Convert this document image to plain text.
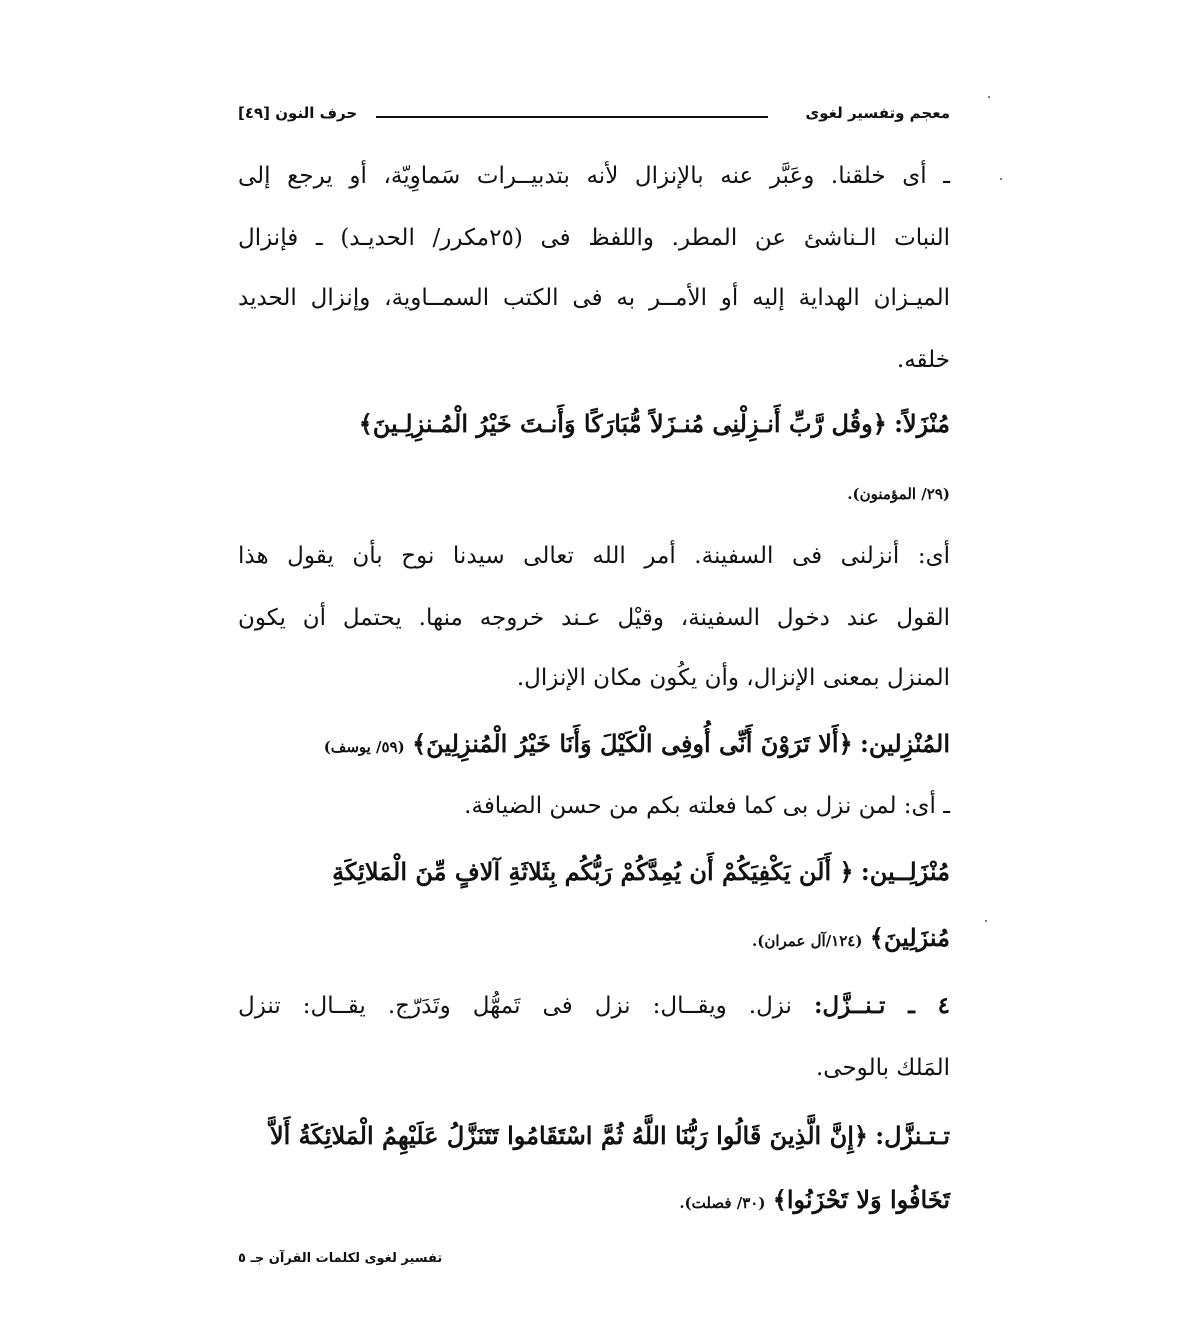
معجم وتفسير لغوى
حرف النون [٤٩]
ـ أى خلقنا. وعَبَّر عنه بالإنزال لأنه بتدبيــرات سَماوِيّة، أو يرجع إلى
النبات الـناشئ عن المطر. واللفظ فى (٢٥مكرر/ الحديـد) ـ فإنزال
الميـزان الهداية إليه أو الأمــر به فى الكتب السمــاوية، وإنزال الحديد
خلقه.
مُنْزَلاً: ﴿وقُل رَّبِّ أَنـزِلْنِى مُنـزَلاً مُّبَارَكًا وَأَنـتَ خَيْرُ الْمُـنزِلِـينَ﴾
(٢٩/ المؤمنون).
أى: أنزلنى فى السفينة. أمر الله تعالى سيدنا نوح بأن يقول هذا
القول عند دخول السفينة، وقيْل عـند خروجه منها. يحتمل أن يكون
المنزل بمعنى الإنزال، وأن يكُون مكان الإنزال.
المُنْزِلين: ﴿أَلا تَرَوْنَ أَنِّى أُوفِى الْكَيْلَ وَأَنَا خَيْرُ الْمُنزِلِينَ﴾ (٥٩/ يوسف)
ـ أى: لمن نزل بى كما فعلته بكم من حسن الضيافة.
مُنْزَلِــين: ﴿ أَلَن يَكْفِيَكُمْ أَن يُمِدَّكُمْ رَبُّكُم بِثَلاثَةِ آلافٍ مِّنَ الْمَلائِكَةِ
مُنزَلِينَ﴾ (١٢٤/آل عمران).
٤ ـ تـنــزَّل: نزل. ويقــال: نزل فى تَمهُّل وتَدَرّج. يقــال: تنزل
المَلك بالوحى.
تـتـنزَّل: ﴿إِنَّ الَّذِينَ قَالُوا رَبُّنَا اللَّهُ ثُمَّ اسْتَقَامُوا تَتَنَزَّلُ عَلَيْهِمُ الْمَلائِكَةُ أَلاَّ
تَخَافُوا وَلا تَحْزَنُوا﴾ (٣٠/ فصلت).
تفسير لغوى لكلمات القرآن جـ ٥
